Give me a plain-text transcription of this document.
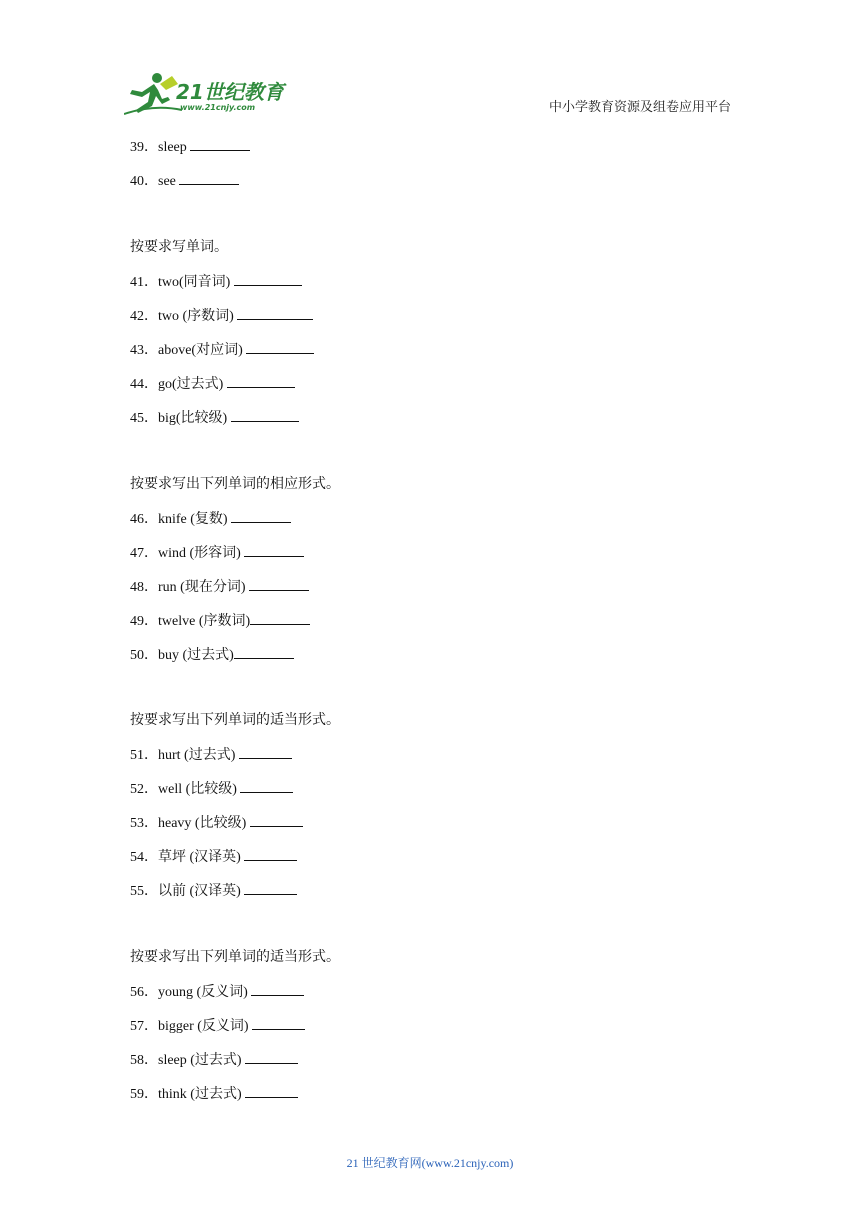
21世纪教育
www.21cnjy.com	中小学教育资源及组卷应用平台
39．sleep
40．see
按要求写单词。
41．two(同音词)
42．two (序数词)
43．above(对应词)
44．go(过去式)
45．big(比较级)
按要求写出下列单词的相应形式。
46．knife (复数)
47．wind (形容词)
48．run (现在分词)
49．twelve (序数词)
50．buy (过去式)
按要求写出下列单词的适当形式。
51．hurt (过去式)
52．well (比较级)
53．heavy (比较级)
54．草坪 (汉译英)
55．以前 (汉译英)
按要求写出下列单词的适当形式。
56．young (反义词)
57．bigger (反义词)
58．sleep (过去式)
59．think (过去式)
21 世纪教育网(www.21cnjy.com)
